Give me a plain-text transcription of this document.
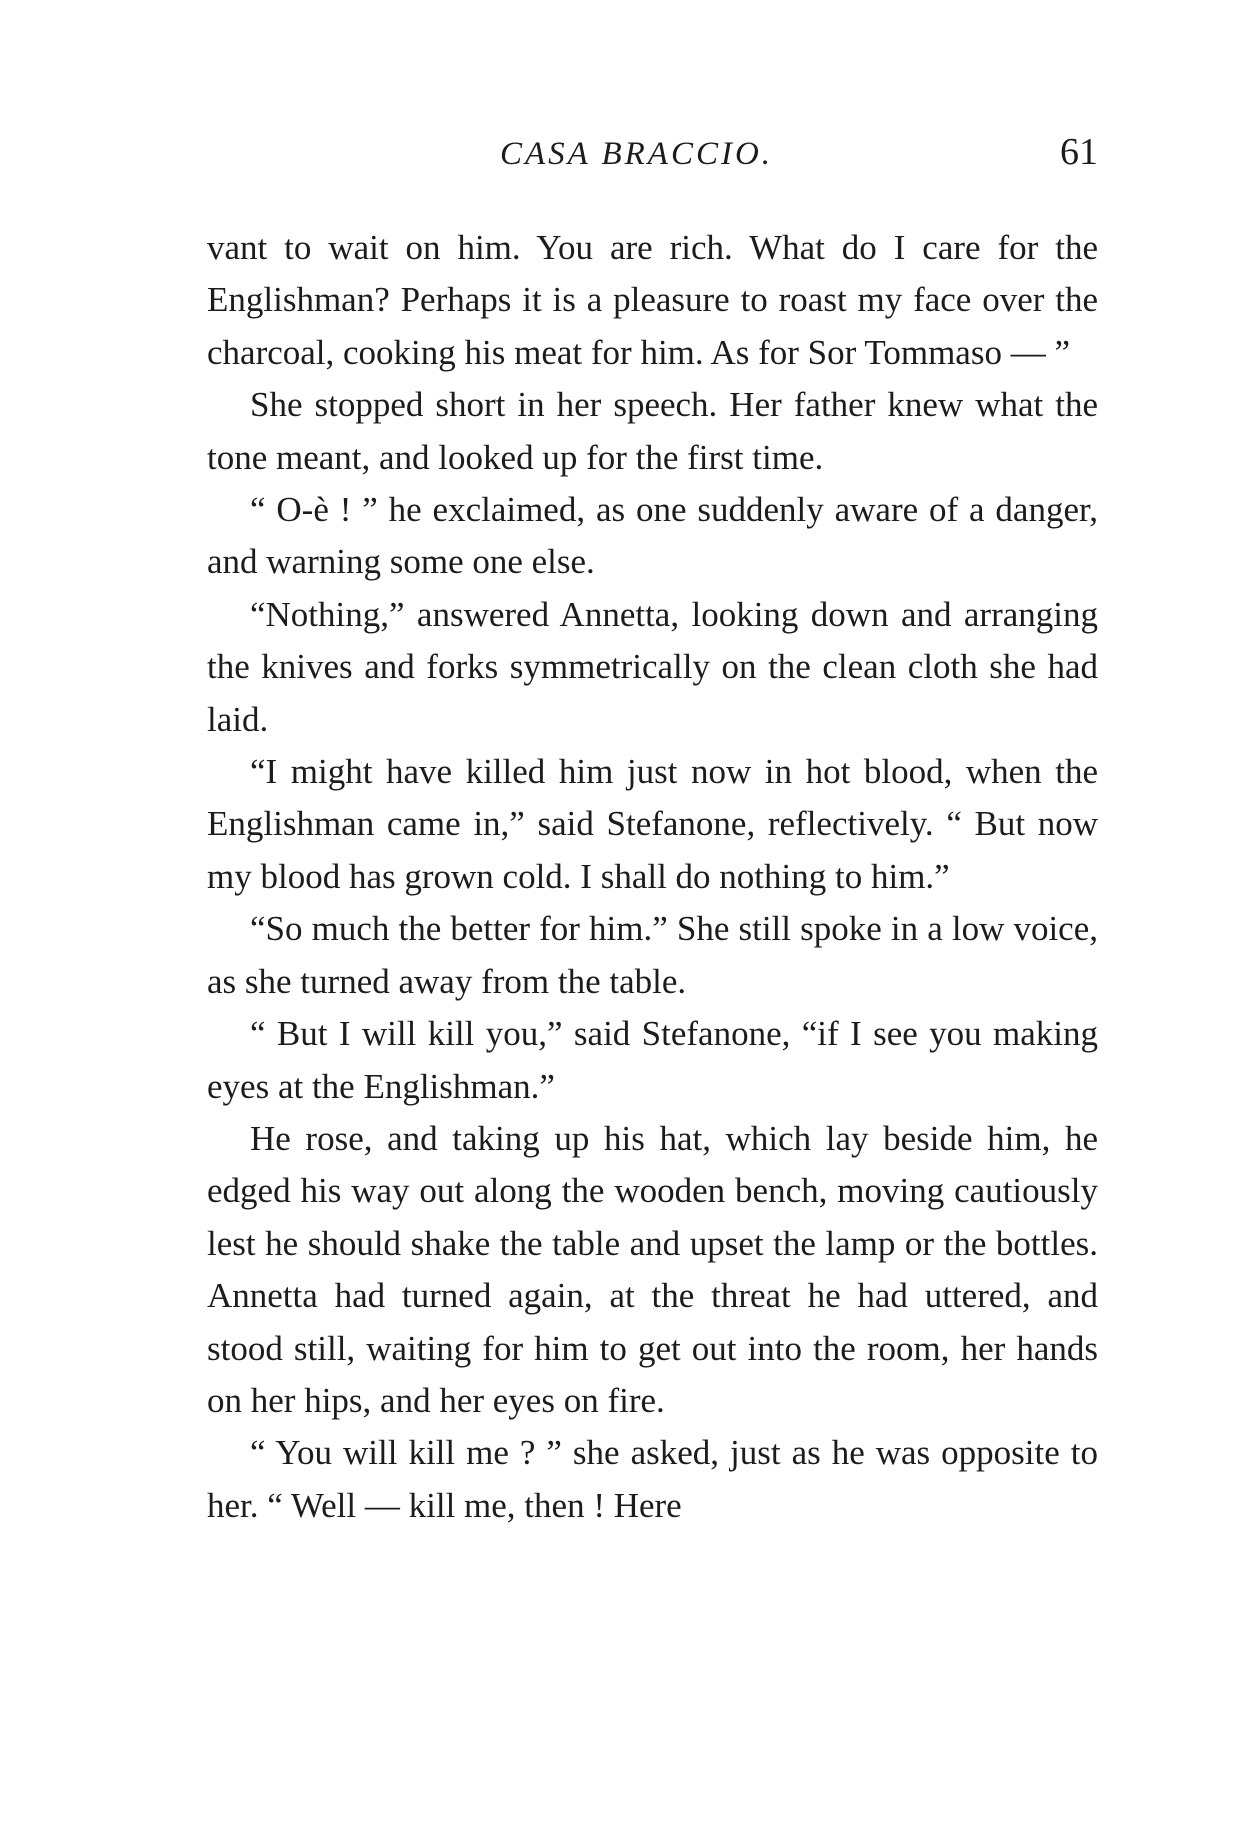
CASA BRACCIO.	61

vant to wait on him. You are rich. What do I care for the Englishman? Perhaps it is a pleasure to roast my face over the charcoal, cooking his meat for him. As for Sor Tommaso — ”

She stopped short in her speech. Her father knew what the tone meant, and looked up for the first time.

“ O-è ! ” he exclaimed, as one suddenly aware of a danger, and warning some one else.

“Nothing,” answered Annetta, looking down and arranging the knives and forks symmetrically on the clean cloth she had laid.

“I might have killed him just now in hot blood, when the Englishman came in,” said Stefanone, reflectively. “ But now my blood has grown cold. I shall do nothing to him.”

“So much the better for him.” She still spoke in a low voice, as she turned away from the table.

“ But I will kill you,” said Stefanone, “if I see you making eyes at the Englishman.”

He rose, and taking up his hat, which lay beside him, he edged his way out along the wooden bench, moving cautiously lest he should shake the table and upset the lamp or the bottles. Annetta had turned again, at the threat he had uttered, and stood still, waiting for him to get out into the room, her hands on her hips, and her eyes on fire.

“ You will kill me ? ” she asked, just as he was opposite to her. “ Well — kill me, then ! Here
